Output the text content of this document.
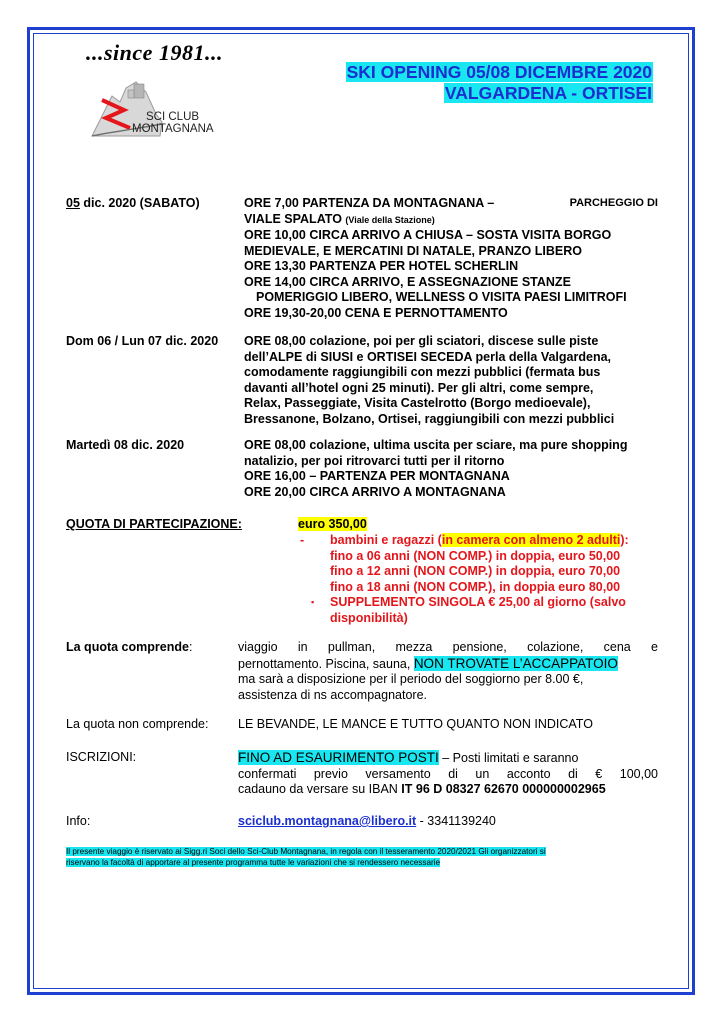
...since 1981...
SCI CLUB
MONTAGNANA
SKI OPENING 05/08 DICEMBRE 2020
VALGARDENA - ORTISEI
05 dic. 2020 (SABATO)	ORE 7,00 PARTENZA DA MONTAGNANA –	PARCHEGGIO DI
VIALE SPALATO (Viale della Stazione)
ORE 10,00 CIRCA ARRIVO A CHIUSA – SOSTA VISITA BORGO
MEDIEVALE, E MERCATINI DI NATALE, PRANZO LIBERO
ORE 13,30 PARTENZA PER HOTEL SCHERLIN
ORE 14,00 CIRCA ARRIVO, E ASSEGNAZIONE STANZE
POMERIGGIO LIBERO, WELLNESS O VISITA PAESI LIMITROFI
ORE 19,30-20,00 CENA E PERNOTTAMENTO
Dom 06 / Lun 07 dic. 2020 ORE 08,00 colazione, poi per gli sciatori, discese sulle piste
dell’ALPE di SIUSI e ORTISEI SECEDA perla della Valgardena,
comodamente raggiungibili con mezzi pubblici (fermata bus
davanti all’hotel ogni 25 minuti). Per gli altri, come sempre,
Relax, Passeggiate, Visita Castelrotto (Borgo medioevale),
Bressanone, Bolzano, Ortisei, raggiungibili con mezzi pubblici
Martedì 08 dic. 2020	ORE 08,00 colazione, ultima uscita per sciare, ma pure shopping
natalizio, per poi ritrovarci tutti per il ritorno
ORE 16,00 – PARTENZA PER MONTAGNANA
ORE 20,00 CIRCA ARRIVO A MONTAGNANA
QUOTA DI PARTECIPAZIONE:	euro 350,00
- bambini e ragazzi (in camera con almeno 2 adulti):
fino a 06 anni (NON COMP.) in doppia, euro 50,00
fino a 12 anni (NON COMP.) in doppia, euro 70,00
fino a 18 anni (NON COMP.), in doppia euro 80,00
▪ SUPPLEMENTO SINGOLA € 25,00 al giorno (salvo
disponibilità)
La quota comprende:	viaggio in pullman, mezza pensione, colazione, cena e
pernottamento. Piscina, sauna, NON TROVATE L’ACCAPPATOIO
ma sarà a disposizione per il periodo del soggiorno per 8.00 €,
assistenza di ns accompagnatore.
La quota non comprende: LE BEVANDE, LE MANCE E TUTTO QUANTO NON INDICATO
ISCRIZIONI:	FINO AD ESAURIMENTO POSTI – Posti limitati e saranno
confermati previo versamento di un acconto di € 100,00
cadauno da versare su IBAN IT 96 D 08327 62670 000000002965
Info:	sciclub.montagnana@libero.it - 3341139240
Il presente viaggio è riservato ai Sigg.ri Soci dello Sci-Club Montagnana, in regola con il tesseramento 2020/2021 Gli organizzatori si
riservano la facoltà di apportare al presente programma tutte le variazioni che si rendessero necessarie
